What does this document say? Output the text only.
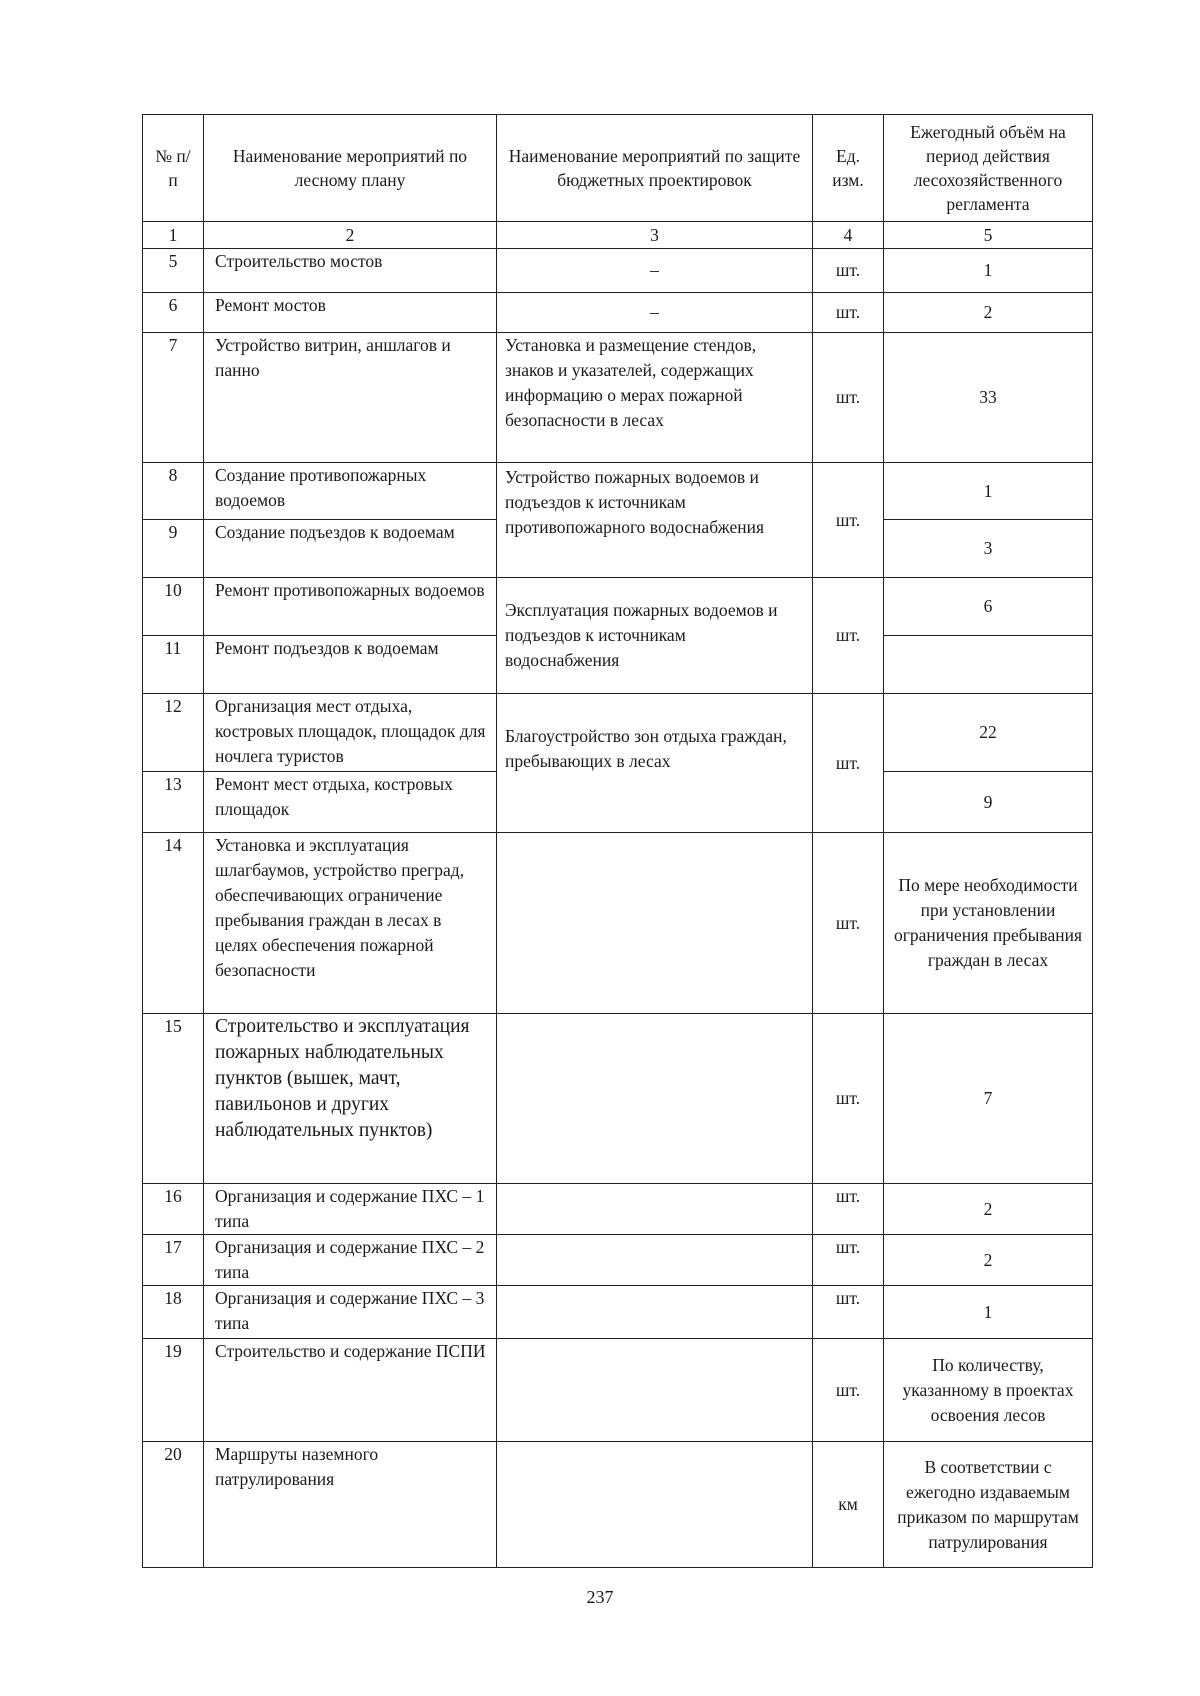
№ п/п	Наименование мероприятий по лесному плану	Наименование мероприятий по защите бюджетных проектировок	Ед. изм.	Ежегодный объём на период действия лесохозяйственного регламента
1	2	3	4	5
5	Строительство мостов	–	шт.	1
6	Ремонт мостов	–	шт.	2
7	Устройство витрин, аншлагов и панно	Установка и размещение стендов, знаков и указателей, содержащих информацию о мерах пожарной безопасности в лесах	шт.	33
8	Создание противопожарных водоемов	Устройство пожарных водоемов и подъездов к источникам противопожарного водоснабжения	шт.	1
9	Создание подъездов к водоемам			3
10	Ремонт противопожарных водоемов	Эксплуатация пожарных водоемов и подъездов к источникам водоснабжения	шт.	6
11	Ремонт подъездов к водоемам			
12	Организация мест отдыха, костровых площадок, площадок для ночлега туристов	Благоустройство зон отдыха граждан, пребывающих в лесах	шт.	22
13	Ремонт мест отдыха, костровых площадок			9
14	Установка и эксплуатация шлагбаумов, устройство преград, обеспечивающих ограничение пребывания граждан в лесах в целях обеспечения пожарной безопасности		шт.	По мере необходимости при установлении ограничения пребывания граждан в лесах
15	Строительство и эксплуатация пожарных наблюдательных пунктов (вышек, мачт, павильонов и других наблюдательных пунктов)		шт.	7
16	Организация и содержание ПХС – 1 типа		шт.	2
17	Организация и содержание ПХС – 2 типа		шт.	2
18	Организация и содержание ПХС – 3 типа		шт.	1
19	Строительство и содержание ПСПИ		шт.	По количеству, указанному в проектах освоения лесов
20	Маршруты наземного патрулирования		км	В соответствии с ежегодно издаваемым приказом по маршрутам патрулирования
237
